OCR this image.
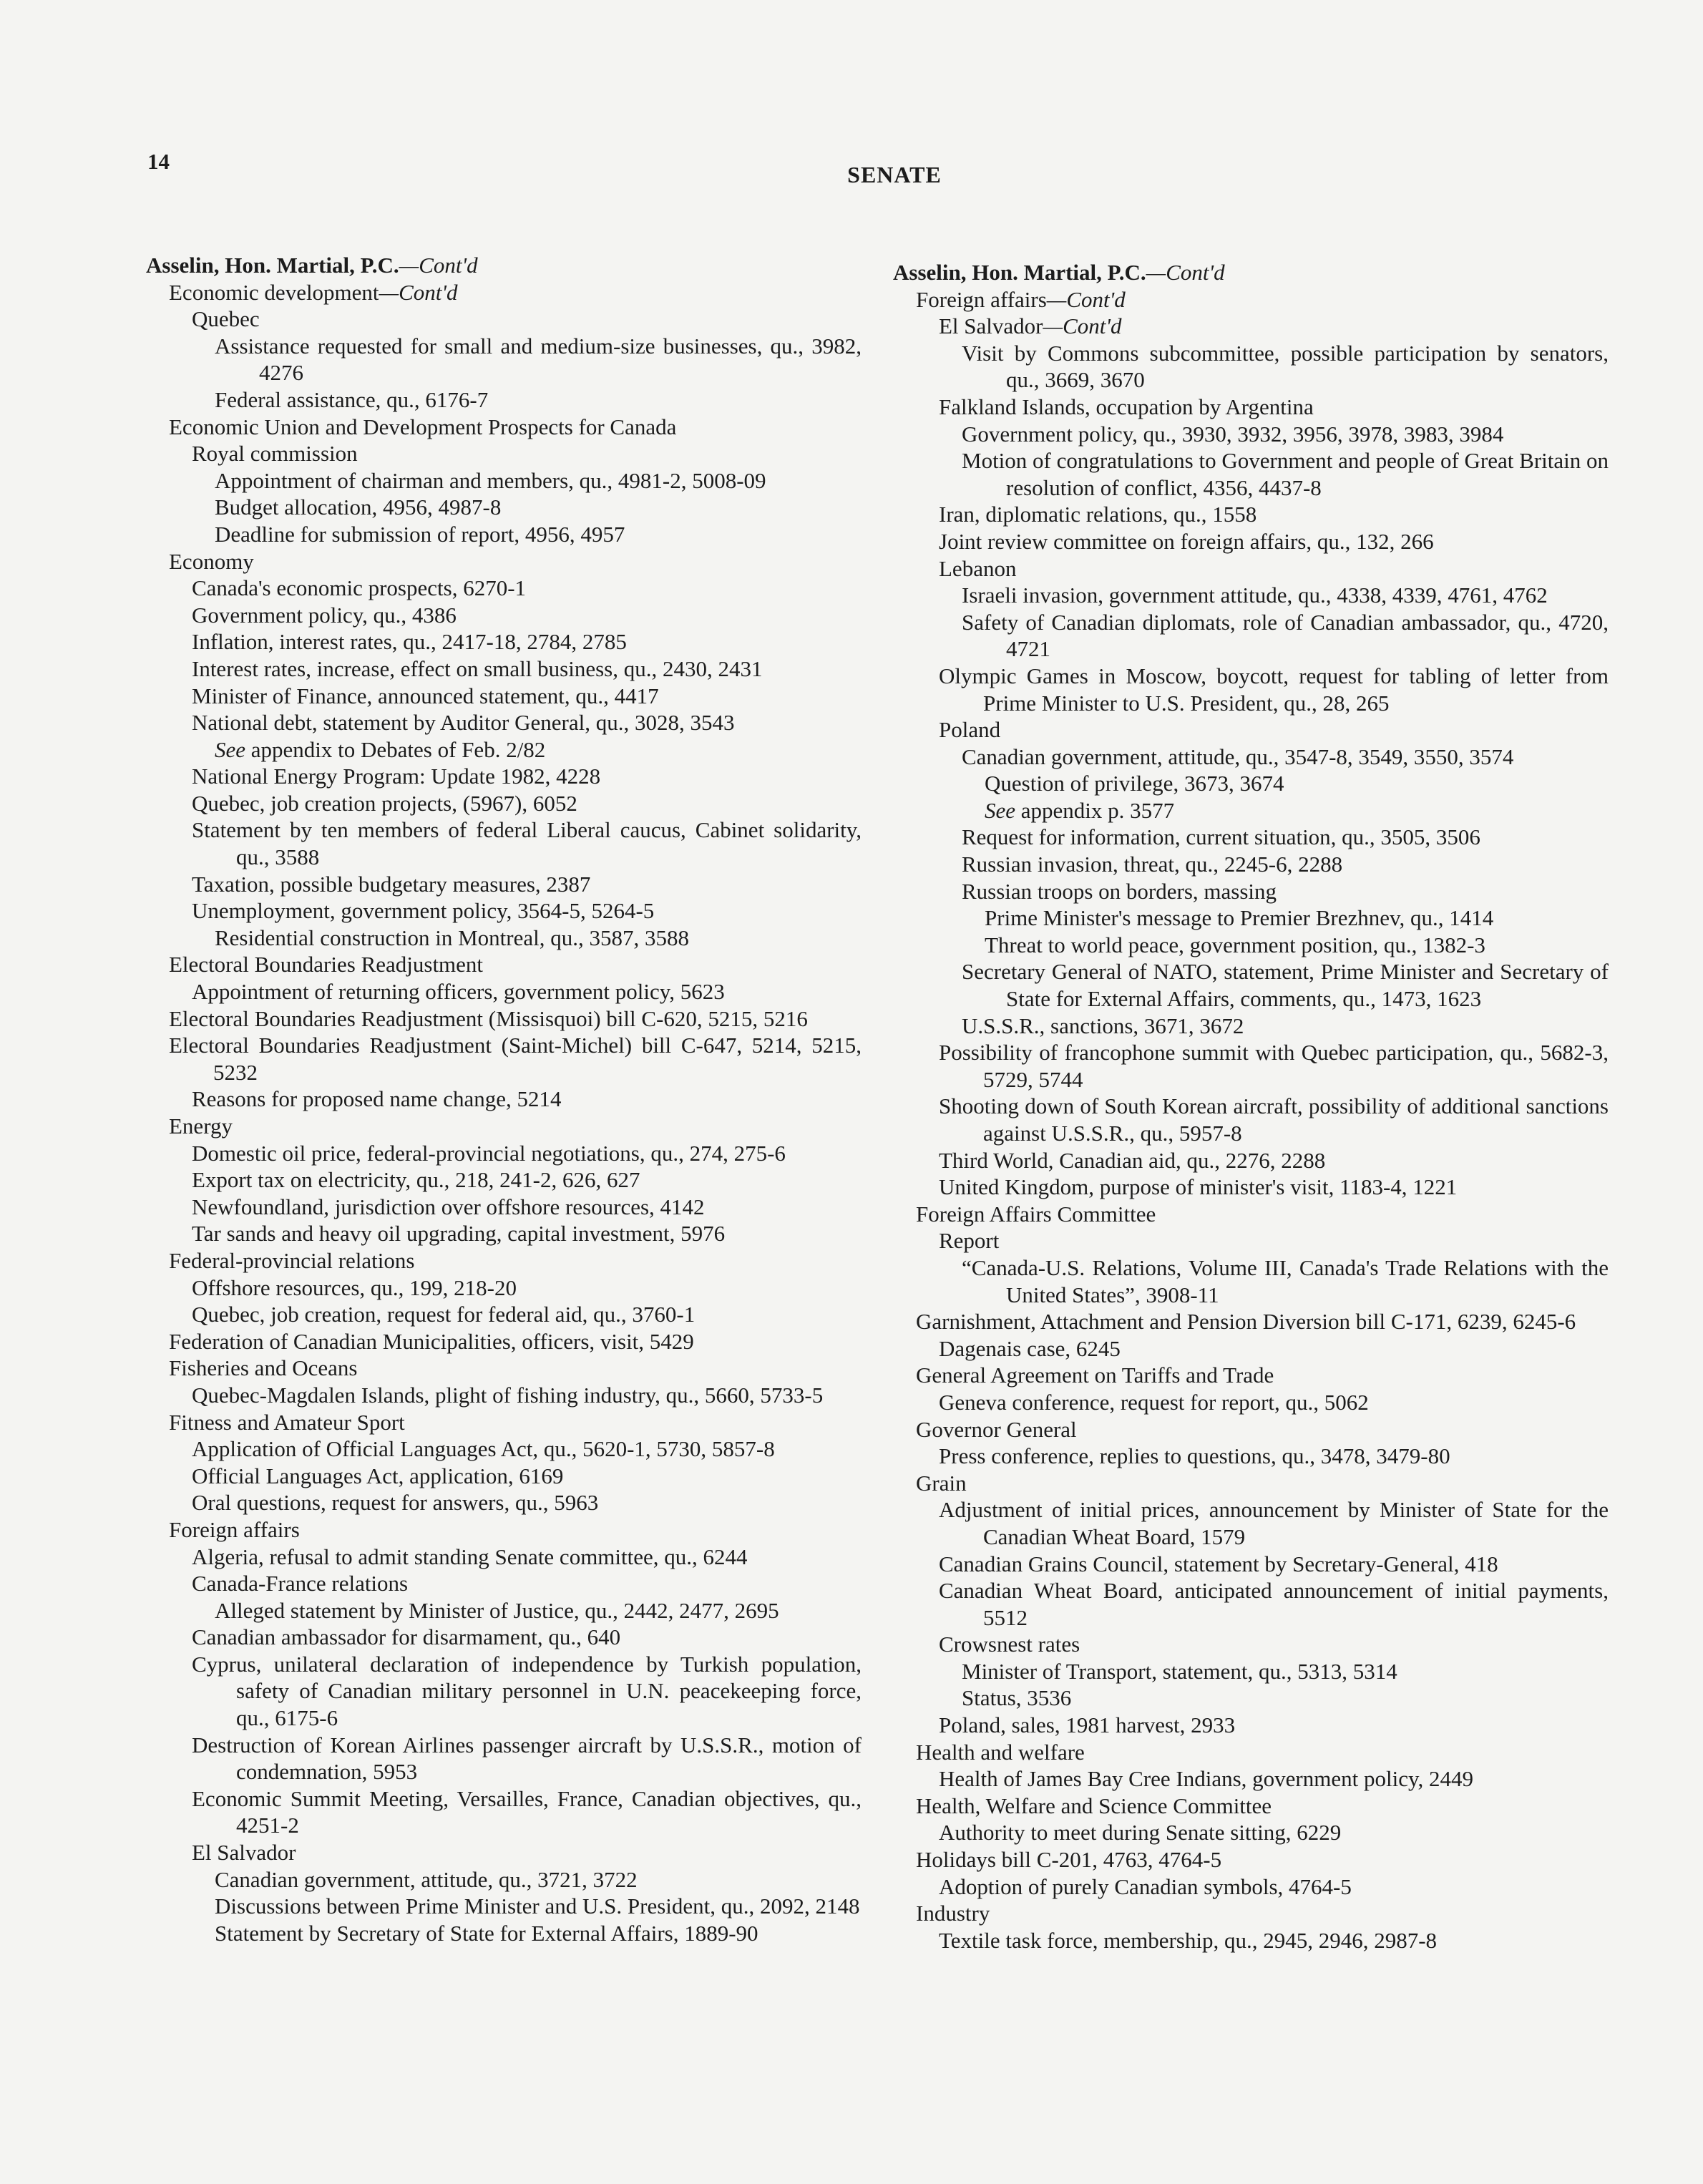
14
SENATE
Asselin, Hon. Martial, P.C.—Cont'd
Economic development—Cont'd
Quebec
Assistance requested for small and medium-size businesses, qu., 3982, 4276
Federal assistance, qu., 6176-7
Economic Union and Development Prospects for Canada
Royal commission
Appointment of chairman and members, qu., 4981-2, 5008-09
Budget allocation, 4956, 4987-8
Deadline for submission of report, 4956, 4957
Economy
Canada's economic prospects, 6270-1
Government policy, qu., 4386
Inflation, interest rates, qu., 2417-18, 2784, 2785
Interest rates, increase, effect on small business, qu., 2430, 2431
Minister of Finance, announced statement, qu., 4417
National debt, statement by Auditor General, qu., 3028, 3543
See appendix to Debates of Feb. 2/82
National Energy Program: Update 1982, 4228
Quebec, job creation projects, (5967), 6052
Statement by ten members of federal Liberal caucus, Cabinet solidarity, qu., 3588
Taxation, possible budgetary measures, 2387
Unemployment, government policy, 3564-5, 5264-5
Residential construction in Montreal, qu., 3587, 3588
Electoral Boundaries Readjustment
Appointment of returning officers, government policy, 5623
Electoral Boundaries Readjustment (Missisquoi) bill C-620, 5215, 5216
Electoral Boundaries Readjustment (Saint-Michel) bill C-647, 5214, 5215, 5232
Reasons for proposed name change, 5214
Energy
Domestic oil price, federal-provincial negotiations, qu., 274, 275-6
Export tax on electricity, qu., 218, 241-2, 626, 627
Newfoundland, jurisdiction over offshore resources, 4142
Tar sands and heavy oil upgrading, capital investment, 5976
Federal-provincial relations
Offshore resources, qu., 199, 218-20
Quebec, job creation, request for federal aid, qu., 3760-1
Federation of Canadian Municipalities, officers, visit, 5429
Fisheries and Oceans
Quebec-Magdalen Islands, plight of fishing industry, qu., 5660, 5733-5
Fitness and Amateur Sport
Application of Official Languages Act, qu., 5620-1, 5730, 5857-8
Official Languages Act, application, 6169
Oral questions, request for answers, qu., 5963
Foreign affairs
Algeria, refusal to admit standing Senate committee, qu., 6244
Canada-France relations
Alleged statement by Minister of Justice, qu., 2442, 2477, 2695
Canadian ambassador for disarmament, qu., 640
Cyprus, unilateral declaration of independence by Turkish population, safety of Canadian military personnel in U.N. peacekeeping force, qu., 6175-6
Destruction of Korean Airlines passenger aircraft by U.S.S.R., motion of condemnation, 5953
Economic Summit Meeting, Versailles, France, Canadian objectives, qu., 4251-2
El Salvador
Canadian government, attitude, qu., 3721, 3722
Discussions between Prime Minister and U.S. President, qu., 2092, 2148
Statement by Secretary of State for External Affairs, 1889-90
Asselin, Hon. Martial, P.C.—Cont'd
Foreign affairs—Cont'd
El Salvador—Cont'd
Visit by Commons subcommittee, possible participation by senators, qu., 3669, 3670
Falkland Islands, occupation by Argentina
Government policy, qu., 3930, 3932, 3956, 3978, 3983, 3984
Motion of congratulations to Government and people of Great Britain on resolution of conflict, 4356, 4437-8
Iran, diplomatic relations, qu., 1558
Joint review committee on foreign affairs, qu., 132, 266
Lebanon
Israeli invasion, government attitude, qu., 4338, 4339, 4761, 4762
Safety of Canadian diplomats, role of Canadian ambassador, qu., 4720, 4721
Olympic Games in Moscow, boycott, request for tabling of letter from Prime Minister to U.S. President, qu., 28, 265
Poland
Canadian government, attitude, qu., 3547-8, 3549, 3550, 3574
Question of privilege, 3673, 3674
See appendix p. 3577
Request for information, current situation, qu., 3505, 3506
Russian invasion, threat, qu., 2245-6, 2288
Russian troops on borders, massing
Prime Minister's message to Premier Brezhnev, qu., 1414
Threat to world peace, government position, qu., 1382-3
Secretary General of NATO, statement, Prime Minister and Secretary of State for External Affairs, comments, qu., 1473, 1623
U.S.S.R., sanctions, 3671, 3672
Possibility of francophone summit with Quebec participation, qu., 5682-3, 5729, 5744
Shooting down of South Korean aircraft, possibility of additional sanctions against U.S.S.R., qu., 5957-8
Third World, Canadian aid, qu., 2276, 2288
United Kingdom, purpose of minister's visit, 1183-4, 1221
Foreign Affairs Committee
Report
“Canada-U.S. Relations, Volume III, Canada's Trade Relations with the United States”, 3908-11
Garnishment, Attachment and Pension Diversion bill C-171, 6239, 6245-6
Dagenais case, 6245
General Agreement on Tariffs and Trade
Geneva conference, request for report, qu., 5062
Governor General
Press conference, replies to questions, qu., 3478, 3479-80
Grain
Adjustment of initial prices, announcement by Minister of State for the Canadian Wheat Board, 1579
Canadian Grains Council, statement by Secretary-General, 418
Canadian Wheat Board, anticipated announcement of initial payments, 5512
Crowsnest rates
Minister of Transport, statement, qu., 5313, 5314
Status, 3536
Poland, sales, 1981 harvest, 2933
Health and welfare
Health of James Bay Cree Indians, government policy, 2449
Health, Welfare and Science Committee
Authority to meet during Senate sitting, 6229
Holidays bill C-201, 4763, 4764-5
Adoption of purely Canadian symbols, 4764-5
Industry
Textile task force, membership, qu., 2945, 2946, 2987-8
